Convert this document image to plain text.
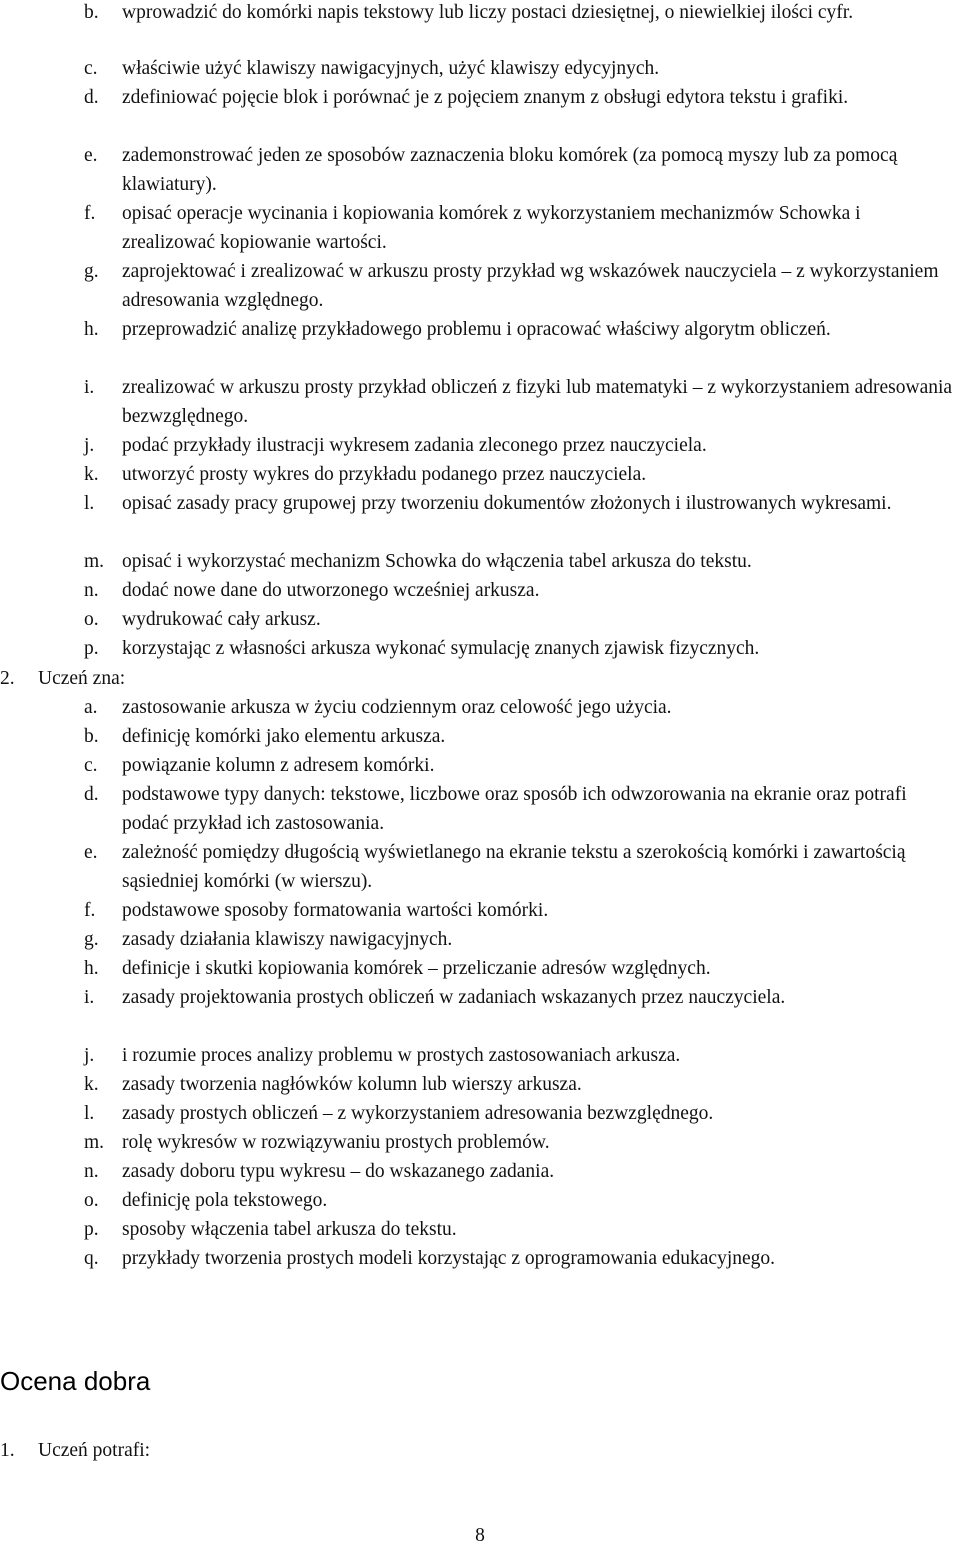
b.	wprowadzić do komórki napis tekstowy lub liczy postaci dziesiętnej, o niewielkiej ilości cyfr.
c.	właściwie użyć klawiszy nawigacyjnych, użyć klawiszy edycyjnych.
d.	zdefiniować pojęcie blok i porównać je z pojęciem znanym z obsługi edytora tekstu i grafiki.
e.	zademonstrować jeden ze sposobów zaznaczenia bloku komórek (za pomocą myszy lub za pomocą klawiatury).
f.	opisać operacje wycinania i kopiowania komórek z wykorzystaniem mechanizmów Schowka i zrealizować kopiowanie wartości.
g.	zaprojektować i zrealizować w arkuszu prosty przykład wg wskazówek nauczyciela – z wykorzystaniem adresowania względnego.
h.	przeprowadzić analizę przykładowego problemu i opracować właściwy algorytm obliczeń.
i.	zrealizować w arkuszu prosty przykład obliczeń z fizyki lub matematyki – z wykorzystaniem adresowania bezwzględnego.
j.	podać przykłady ilustracji wykresem zadania zleconego przez nauczyciela.
k.	utworzyć prosty wykres do przykładu podanego przez nauczyciela.
l.	opisać zasady pracy grupowej przy tworzeniu dokumentów złożonych i ilustrowanych wykresami.
m. opisać i wykorzystać mechanizm Schowka do włączenia tabel arkusza do tekstu.
n.	dodać nowe dane do utworzonego wcześniej arkusza.
o.	wydrukować cały arkusz.
p.	korzystając z własności arkusza wykonać symulację znanych zjawisk fizycznych.
2. Uczeń zna:
a.	zastosowanie arkusza w życiu codziennym oraz celowość jego użycia.
b.	definicję komórki jako elementu arkusza.
c.	powiązanie kolumn z adresem komórki.
d.	podstawowe typy danych: tekstowe, liczbowe oraz sposób ich odwzorowania na ekranie oraz potrafi podać przykład ich zastosowania.
e.	zależność pomiędzy długością wyświetlanego na ekranie tekstu a szerokością komórki i zawartością sąsiedniej komórki (w wierszu).
f.	podstawowe sposoby formatowania wartości komórki.
g.	zasady działania klawiszy nawigacyjnych.
h.	definicje i skutki kopiowania komórek – przeliczanie adresów względnych.
i.	zasady projektowania prostych obliczeń w zadaniach wskazanych przez nauczyciela.
j.	i rozumie proces analizy problemu w prostych zastosowaniach arkusza.
k.	zasady tworzenia nagłówków kolumn lub wierszy arkusza.
l.	zasady prostych obliczeń – z wykorzystaniem adresowania bezwzględnego.
m. rolę wykresów w rozwiązywaniu prostych problemów.
n.	zasady doboru typu wykresu – do wskazanego zadania.
o.	definicję pola tekstowego.
p.	sposoby włączenia tabel arkusza do tekstu.
q.	przykłady tworzenia prostych modeli korzystając z oprogramowania edukacyjnego.
Ocena dobra
1. Uczeń potrafi:
8
